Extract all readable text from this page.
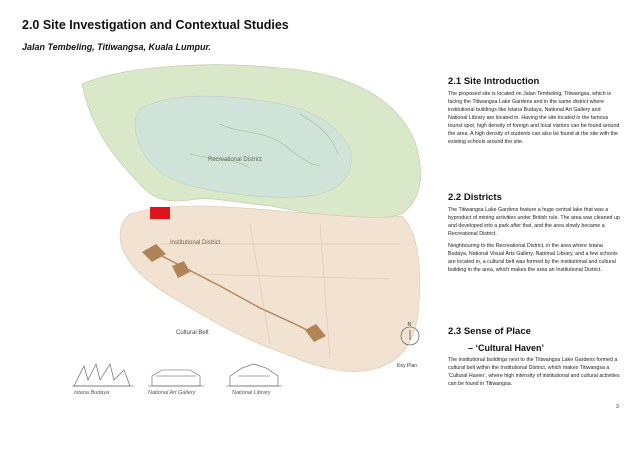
2.0 Site Investigation and Contextual Studies
Jalan Tembeling, Titiwangsa, Kuala Lumpur.
Recreational District
Institutional District
Cultural Belt
N
Istana Budaya	National Art Gallery	National Library
Key Plan
2.1 Site Introduction

The proposed site is located on Jalan Tembeling, Titiwangsa, which is facing the Titiwangsa Lake Gardens and in the same district where institutional buildings like Istana Budaya, National Art Gallery and National Library are located in. Having the site located in the famous tourist spot, high density of foreign and local visitors can be found around the area. A high density of students can also be found at the site with the existing schools around the site.

2.2 Districts

The Titiwangsa Lake Gardens feature a huge central lake that was a byproduct of mining activities under British rule. The area was cleaned up and developed into a park after that, and the area slowly became a Recreational District.

Neighbouring to the Recreational District, in the area where Istana Budaya, National Visual Arts Gallery, National Library, and a few schools are located in, a cultural belt was formed by the institutional and cultural building in the area, which makes the area an Institutional District.

2.3 Sense of Place
– ‘Cultural Haven’

The institutional buildings next to the Titiwangsa Lake Gardens formed a cultural belt within the Institutional District, which makes Titiwangsa a ‘Cultural Haven’, where high intensity of institutional and cultural activities can be found in Titiwangsa.

3
